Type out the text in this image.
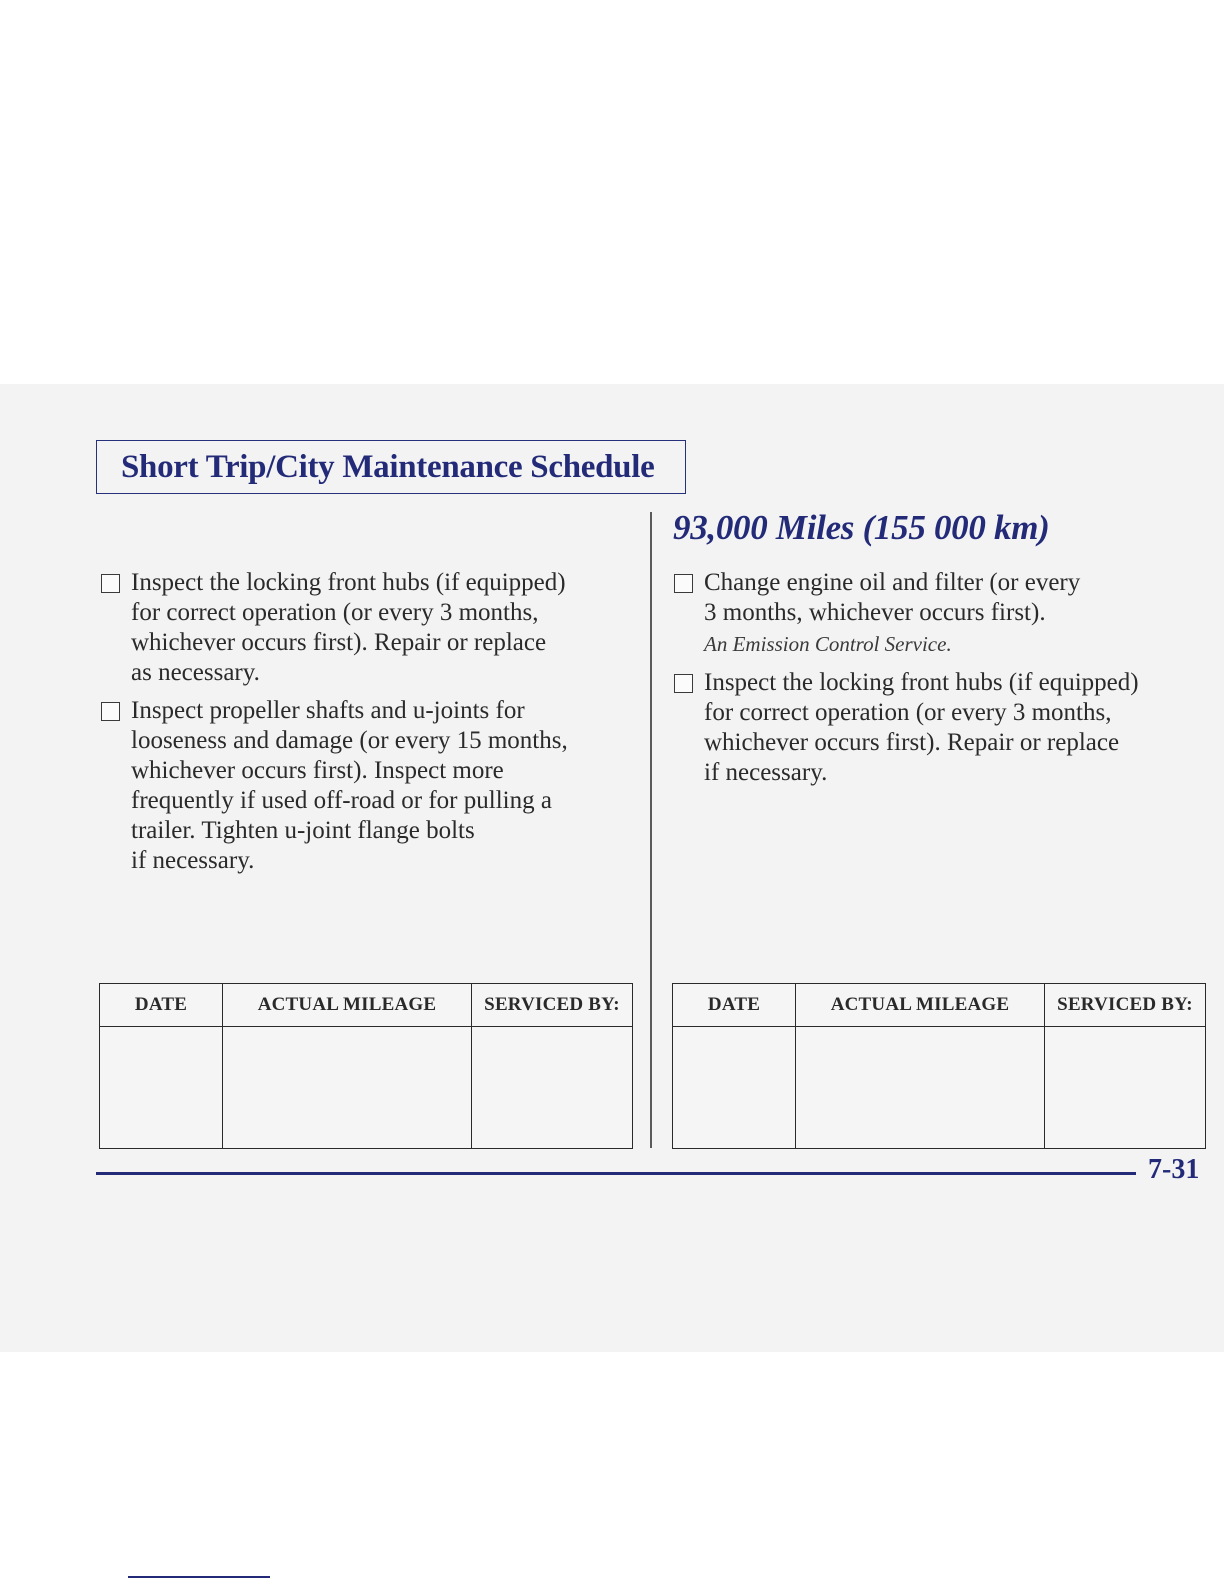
Short Trip/City Maintenance Schedule
Inspect the locking front hubs (if equipped)
for correct operation (or every 3 months,
whichever occurs first). Repair or replace
as necessary.
Inspect propeller shafts and u-joints for
looseness and damage (or every 15 months,
whichever occurs first). Inspect more
frequently if used off-road or for pulling a
trailer. Tighten u-joint flange bolts
if necessary.
93,000 Miles (155 000 km)
Change engine oil and filter (or every
3 months, whichever occurs first).
An Emission Control Service.
Inspect the locking front hubs (if equipped)
for correct operation (or every 3 months,
whichever occurs first). Repair or replace
if necessary.
DATE	ACTUAL MILEAGE	SERVICED BY:
			DATE	ACTUAL MILEAGE	SERVICED BY:

7-31
